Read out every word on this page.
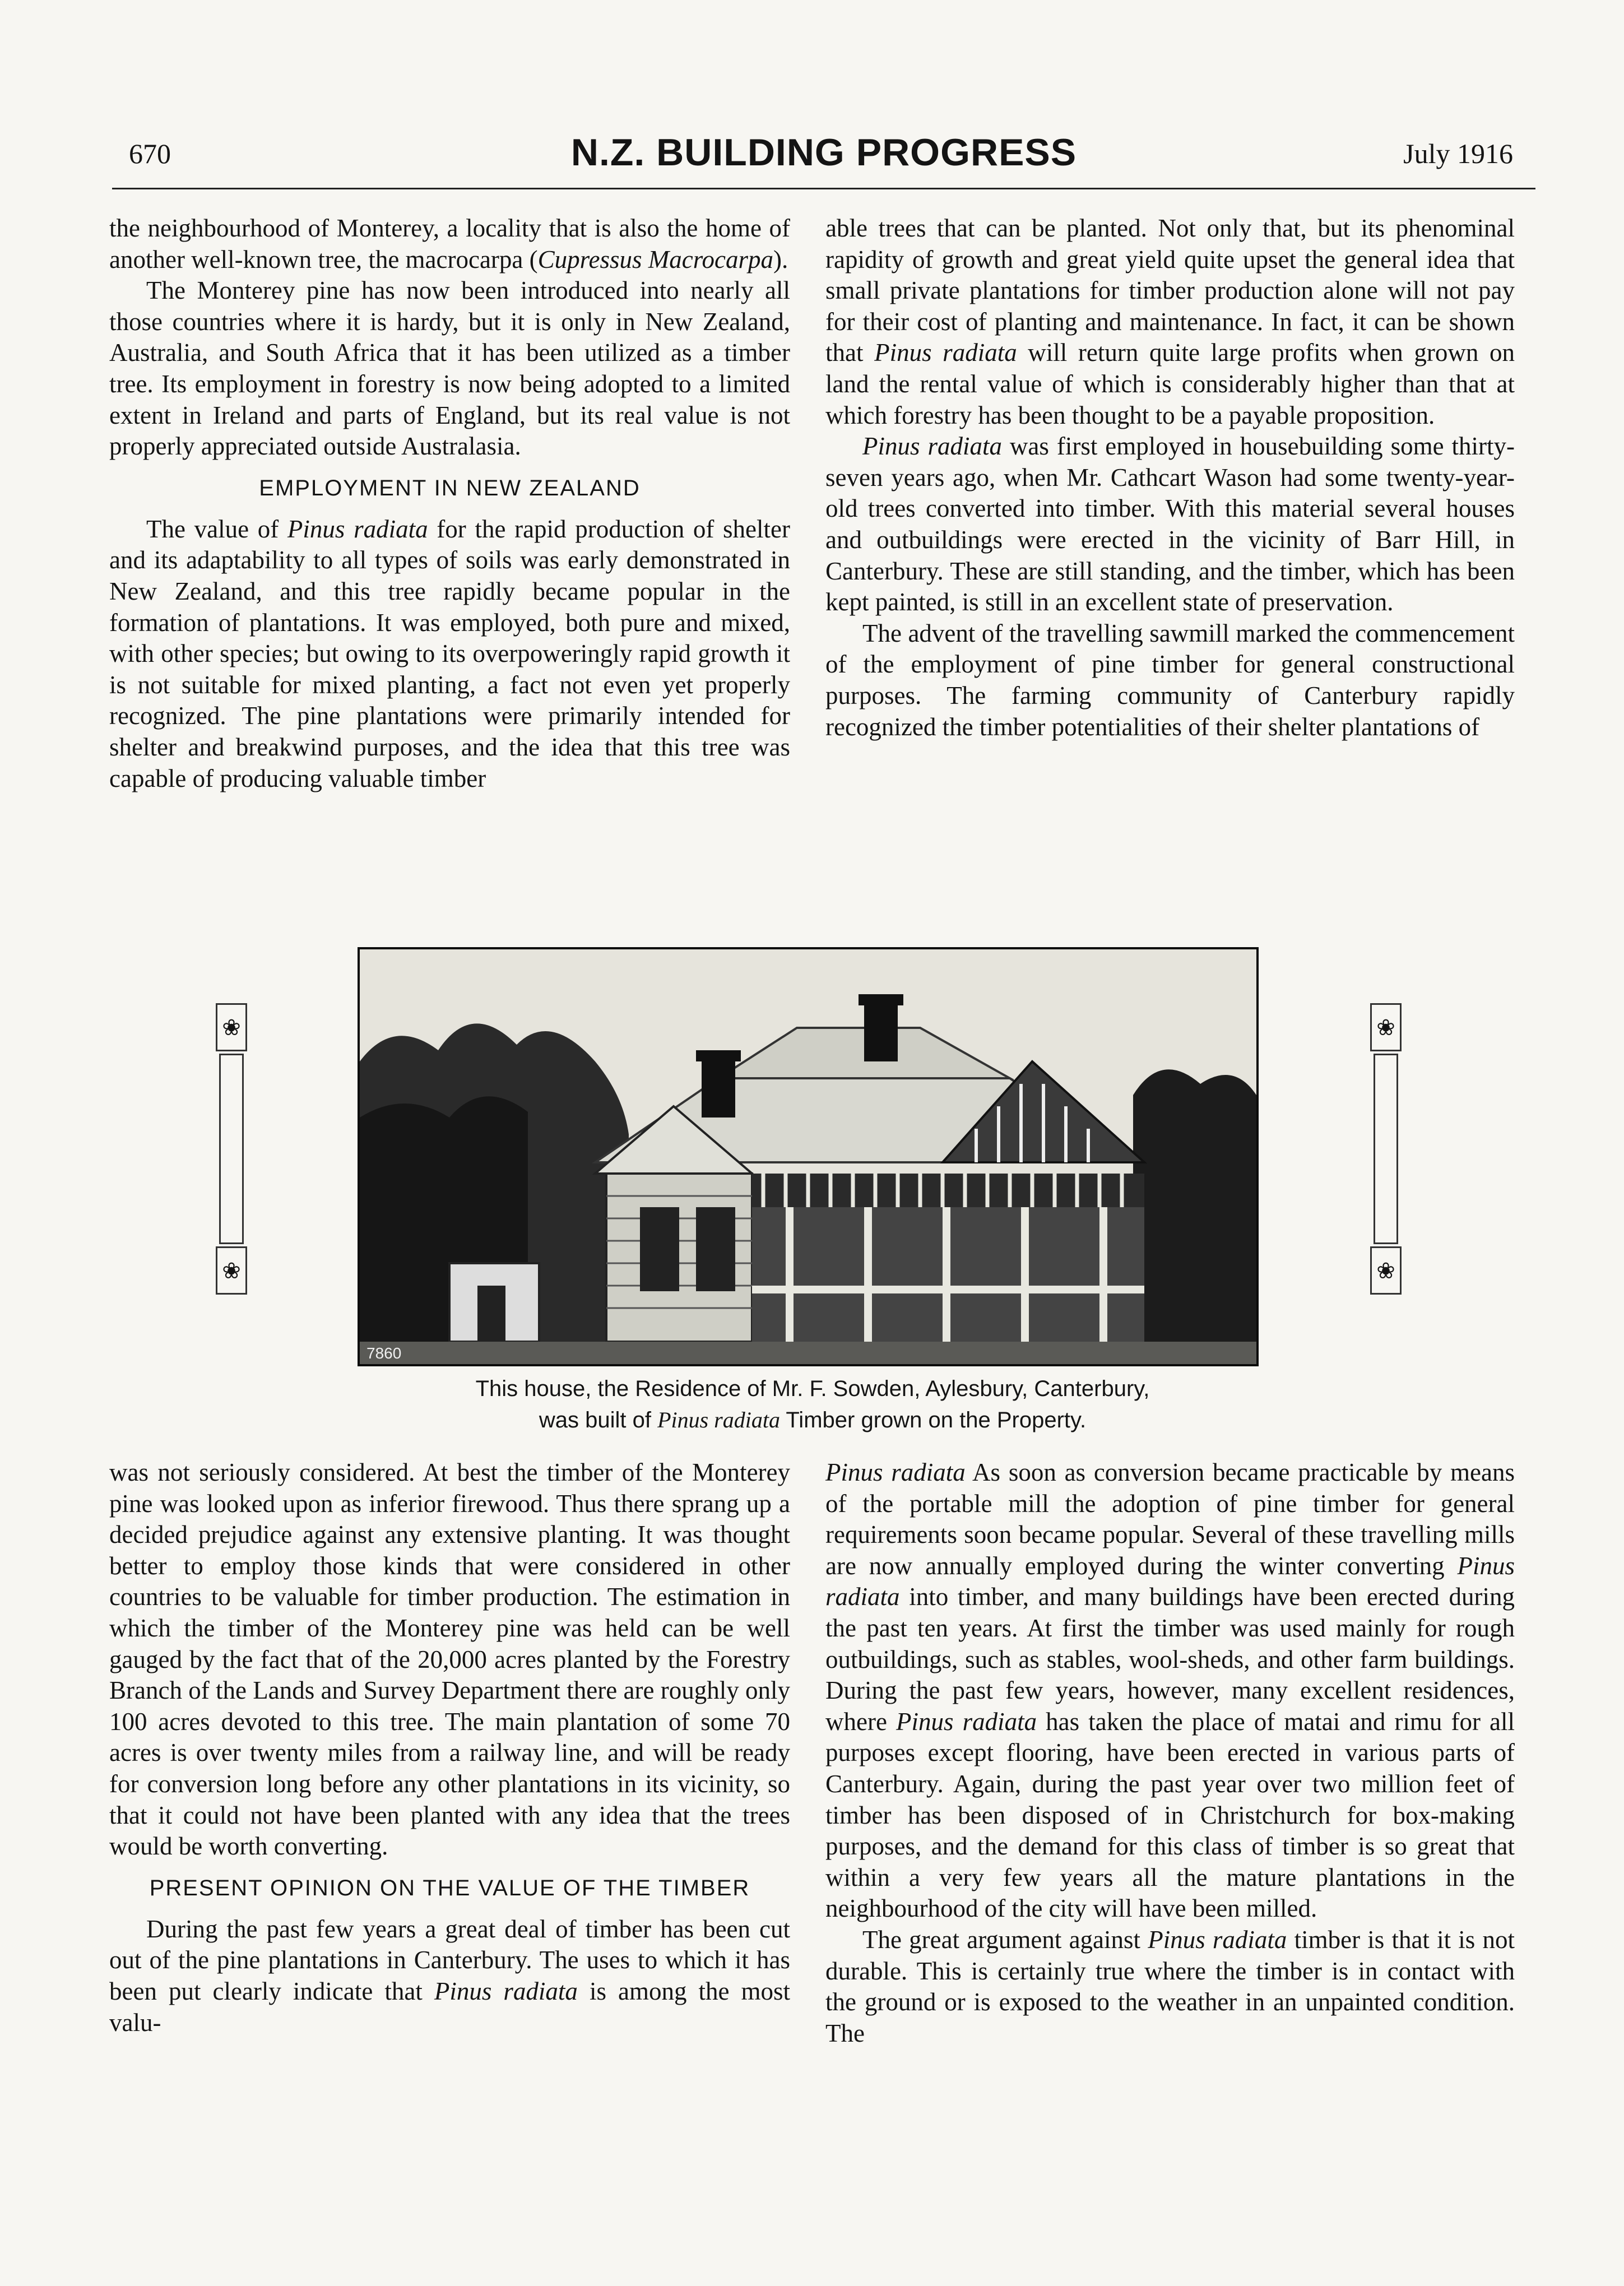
670	N.Z. BUILDING PROGRESS	July 1916

the neighbourhood of Monterey, a locality that is also the home of another well-known tree, the macrocarpa (Cupressus Macrocarpa).

The Monterey pine has now been introduced into nearly all those countries where it is hardy, but it is only in New Zealand, Australia, and South Africa that it has been utilized as a timber tree. Its employment in forestry is now being adopted to a limited extent in Ireland and parts of England, but its real value is not properly appreciated outside Australasia.

EMPLOYMENT IN NEW ZEALAND

The value of Pinus radiata for the rapid production of shelter and its adaptability to all types of soils was early demonstrated in New Zealand, and this tree rapidly became popular in the formation of plantations. It was employed, both pure and mixed, with other species; but owing to its overpoweringly rapid growth it is not suitable for mixed planting, a fact not even yet properly recognized. The pine plantations were primarily intended for shelter and breakwind purposes, and the idea that this tree was capable of producing valuable timber

able trees that can be planted. Not only that, but its phenominal rapidity of growth and great yield quite upset the general idea that small private plantations for timber production alone will not pay for their cost of planting and maintenance. In fact, it can be shown that Pinus radiata will return quite large profits when grown on land the rental value of which is considerably higher than that at which forestry has been thought to be a payable proposition.

Pinus radiata was first employed in housebuilding some thirty-seven years ago, when Mr. Cathcart Wason had some twenty-year-old trees converted into timber. With this material several houses and outbuildings were erected in the vicinity of Barr Hill, in Canterbury. These are still standing, and the timber, which has been kept painted, is still in an excellent state of preservation.

The advent of the travelling sawmill marked the commencement of the employment of pine timber for general constructional purposes. The farming community of Canterbury rapidly recognized the timber potentialities of their shelter plantations of

❀
❀
7860
❀
❀
This house, the Residence of Mr. F. Sowden, Aylesbury, Canterbury,
was built of Pinus radiata Timber grown on the Property.

was not seriously considered. At best the timber of the Monterey pine was looked upon as inferior firewood. Thus there sprang up a decided prejudice against any extensive planting. It was thought better to employ those kinds that were considered in other countries to be valuable for timber production. The estimation in which the timber of the Monterey pine was held can be well gauged by the fact that of the 20,000 acres planted by the Forestry Branch of the Lands and Survey Department there are roughly only 100 acres devoted to this tree. The main plantation of some 70 acres is over twenty miles from a railway line, and will be ready for conversion long before any other plantations in its vicinity, so that it could not have been planted with any idea that the trees would be worth converting.

PRESENT OPINION ON THE VALUE OF THE TIMBER

During the past few years a great deal of timber has been cut out of the pine plantations in Canterbury. The uses to which it has been put clearly indicate that Pinus radiata is among the most valu-

Pinus radiata As soon as conversion became practicable by means of the portable mill the adoption of pine timber for general requirements soon became popular. Several of these travelling mills are now annually employed during the winter converting Pinus radiata into timber, and many buildings have been erected during the past ten years. At first the timber was used mainly for rough outbuildings, such as stables, wool-sheds, and other farm buildings. During the past few years, however, many excellent residences, where Pinus radiata has taken the place of matai and rimu for all purposes except flooring, have been erected in various parts of Canterbury. Again, during the past year over two million feet of timber has been disposed of in Christchurch for box-making purposes, and the demand for this class of timber is so great that within a very few years all the mature plantations in the neighbourhood of the city will have been milled.

The great argument against Pinus radiata timber is that it is not durable. This is certainly true where the timber is in contact with the ground or is exposed to the weather in an unpainted condition. The
